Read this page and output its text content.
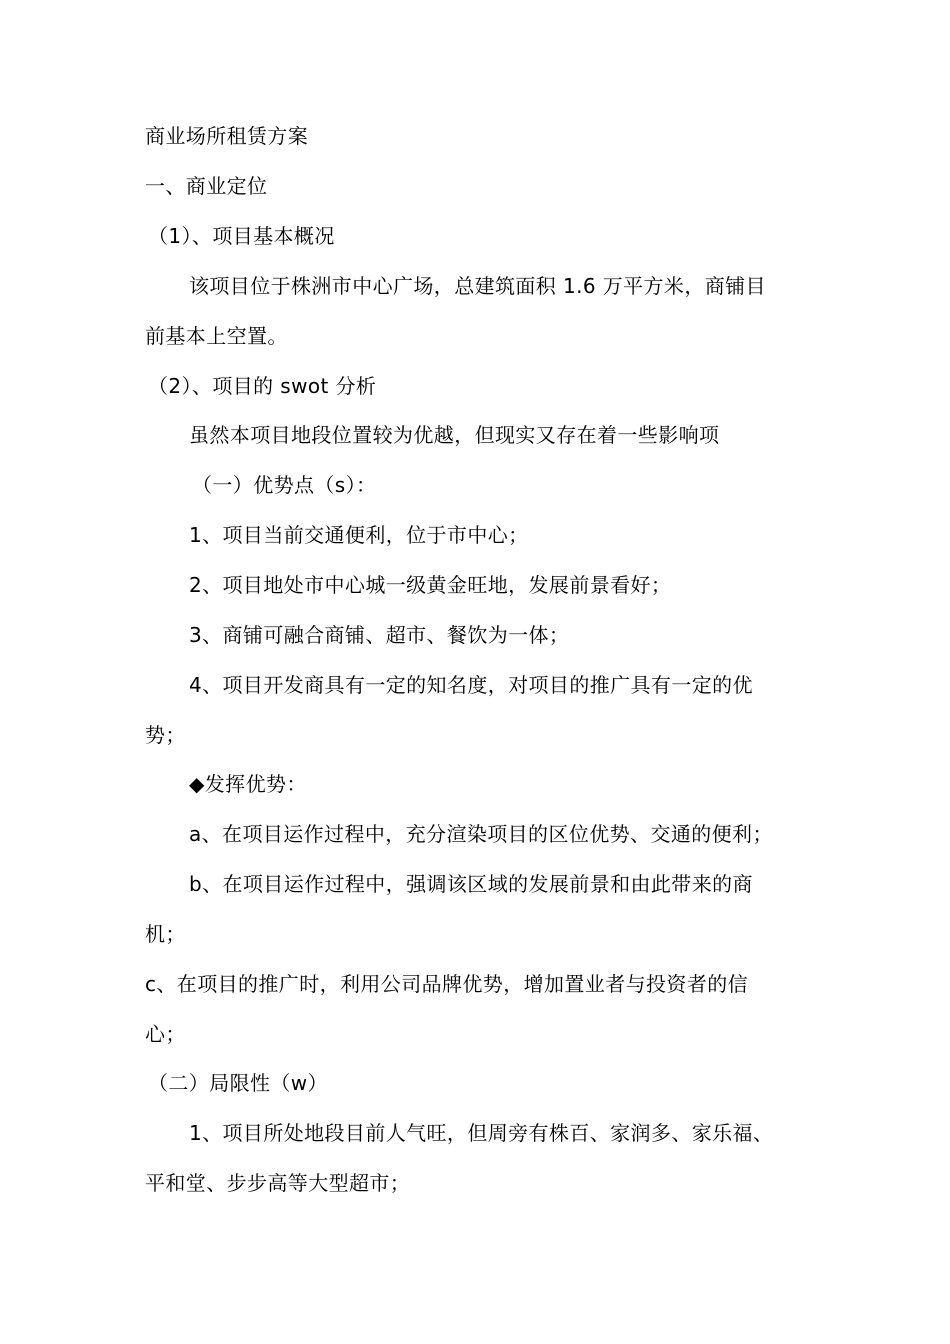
商业场所租赁方案
一、商业定位
（1）、项目基本概况
该项目位于株洲市中心广场，总建筑面积 1.6 万平方米，商铺目
前基本上空置。
（2）、项目的 swot 分析
虽然本项目地段位置较为优越，但现实又存在着一些影响项
（一）优势点（s）：
1、项目当前交通便利，位于市中心；
2、项目地处市中心城一级黄金旺地，发展前景看好；
3、商铺可融合商铺、超市、餐饮为一体；
4、项目开发商具有一定的知名度，对项目的推广具有一定的优
势；
◆发挥优势：
a、在项目运作过程中，充分渲染项目的区位优势、交通的便利；
b、在项目运作过程中，强调该区域的发展前景和由此带来的商
机；
c、在项目的推广时，利用公司品牌优势，增加置业者与投资者的信
心；
（二）局限性（w）
1、项目所处地段目前人气旺，但周旁有株百、家润多、家乐福、
平和堂、步步高等大型超市；
